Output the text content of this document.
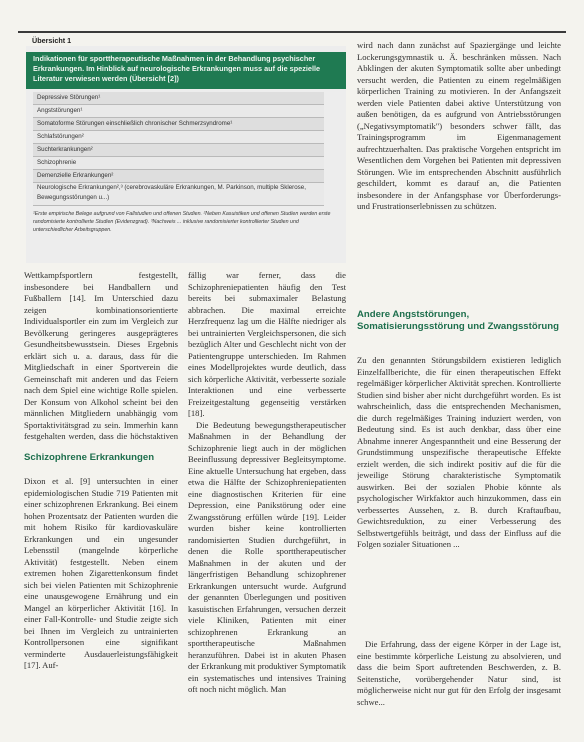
Übersicht 1
Indikationen für sporttherapeutische Maßnahmen in der Behandlung psychischer Erkrankungen. Im Hinblick auf neurologische Erkrankungen muss auf die spezielle Literatur verwiesen werden (Übersicht [2])
Depressive Störungen¹
Angststörungen¹
Somatoforme Störungen einschließlich chronischer Schmerzsyndrome¹
Schlafstörungen²
Suchterkrankungen²
Schizophrenie
Demenzielle Erkrankungen²
Neurologische Erkrankungen²,³ (cerebrovaskuläre Erkrankungen, M. Parkinson, multiple Sklerose, Bewegungsstörungen u...)
¹Erste empirische Belege aufgrund von Fallstudien und offenen Studien. ²Neben Kasuistiken und offenen Studien werden erste randomisierte kontrollierte Studien (Evidenzgrad). ³Nachweis ... inklusive randomisierter kontrollierter Studien und unterschiedlicher Arbeitsgruppen.

wird nach dann zunächst auf Spaziergänge und leichte Lockerungsgymnastik u. Ä. beschränken müssen. Nach Abklingen der akuten Symptomatik sollte aber unbedingt versucht werden, die Patienten zu einem regelmäßigen körperlichen Training zu motivieren. In der Anfangszeit werden viele Patienten dabei aktive Unterstützung von außen benötigen, da es aufgrund von Antriebsstörungen („Negativsymptomatik") besonders schwer fällt, das Trainingsprogramm im Eigenmanagement aufrechtzuerhalten. Das praktische Vorgehen entspricht im Wesentlichen dem Vorgehen bei Patienten mit depressiven Störungen. Wie im entsprechenden Abschnitt ausführlich geschildert, kommt es darauf an, die Patienten insbesondere in der Anfangsphase vor Überforderungs- und Frustrationserlebnissen zu schützen.

Andere Angststörungen, Somatisierungsstörung und Zwangsstörung

Zu den genannten Störungsbildern existieren lediglich Einzelfallberichte, die für einen therapeutischen Effekt regelmäßiger körperlicher Aktivität sprechen. Kontrollierte Studien sind bisher aber nicht durchgeführt worden. Es ist wahrscheinlich, dass die entsprechenden Mechanismen, die durch regelmäßiges Training induziert werden, von Bedeutung sind. Es ist auch denkbar, dass über eine Abnahme innerer Angespanntheit und eine Besserung der Grundstimmung unspezifische therapeutische Effekte erzielt werden, die sich indirekt positiv auf die für die jeweilige Störung charakteristische Symptomatik auswirken. Bei der sozialen Phobie könnte als psychologischer Wirkfaktor auch hinzukommen, dass ein verbessertes Aussehen, z. B. durch Kraftaufbau, Gewichtsreduktion, zu einer Verbesserung des Selbstwertgefühls beiträgt, und dass der Einfluss auf die Folgen sozialer Situationen ...

Die Erfahrung, dass der eigene Körper in der Lage ist, eine bestimmte körperliche Leistung zu absolvieren, und dass die beim Sport auftretenden Beschwerden, z. B. Seitenstiche, vorübergehender Natur sind, ist möglicherweise nicht nur gut für den Erfolg der insgesamt schwe...

Wettkampfsportlern festgestellt, insbesondere bei Handballern und Fußballern [14]. Im Unterschied dazu zeigen kombinationsorientierte Individualsportler ein zum im Vergleich zur Bevölkerung geringeres ausgeprägteres Gesundheitsbewusstsein. Dieses Ergebnis erklärt sich u. a. daraus, dass für die Mitgliedschaft in einer Sportverein die Gemeinschaft mit anderen und das Feiern nach dem Spiel eine wichtige Rolle spielen. Der Konsum von Alkohol scheint bei den männlichen Mitgliedern unabhängig vom Sportaktivitätsgrad zu sein. Immerhin kann festgehalten werden, dass die höchstaktiven

Schizophrene Erkrankungen

Dixon et al. [9] untersuchten in einer epidemiologischen Studie 719 Patienten mit einer schizophrenen Erkrankung. Bei einem hohen Prozentsatz der Patienten wurden die mit hohem Risiko für kardiovaskuläre Erkrankungen und ein ungesunder Lebensstil (mangelnde körperliche Aktivität) festgestellt. Neben einem extremen hohen Zigarettenkonsum findet sich bei vielen Patienten mit Schizophrenie eine unausgewogene Ernährung und ein Mangel an körperlicher Aktivität [16]. In einer Fall-Kontrolle- und Studie zeigte sich bei Ihnen im Vergleich zu untrainierten Kontrollpersonen eine signifikant verminderte Ausdauerleistungsfähigkeit [17]. Auf-

fällig war ferner, dass die Schizophreniepatienten häufig den Test bereits bei submaximaler Belastung abbrachen. Die maximal erreichte Herzfrequenz lag um die Hälfte niedriger als bei untrainierten Vergleichspersonen, die sich bezüglich Alter und Geschlecht nicht von der Patientengruppe unterschieden. Im Rahmen eines Modellprojektes wurde deutlich, dass sich körperliche Aktivität, verbesserte soziale Interaktionen und eine verbesserte Freizeitgestaltung gegenseitig verstärken [18].

Die Bedeutung bewegungstherapeutischer Maßnahmen in der Behandlung der Schizophrenie liegt auch in der möglichen Beeinflussung depressiver Begleitsymptome. Eine aktuelle Untersuchung hat ergeben, dass etwa die Hälfte der Schizophreniepatienten eine diagnostischen Kriterien für eine Depression, eine Panikstörung oder eine Zwangsstörung erfüllen würde [19]. Leider wurden bisher keine kontrollierten randomisierten Studien durchgeführt, in denen die Rolle sporttherapeutischer Maßnahmen in der akuten und der längerfristigen Behandlung schizophrener Erkrankungen untersucht wurde. Aufgrund der genannten Überlegungen und positiven kasuistischen Erfahrungen, versuchen derzeit viele Kliniken, Patienten mit einer schizophrenen Erkrankung an sporttherapeutische Maßnahmen heranzuführen. Dabei ist in akuten Phasen der Erkrankung mit produktiver Symptomatik ein systematisches und intensives Training oft noch nicht möglich. Man
